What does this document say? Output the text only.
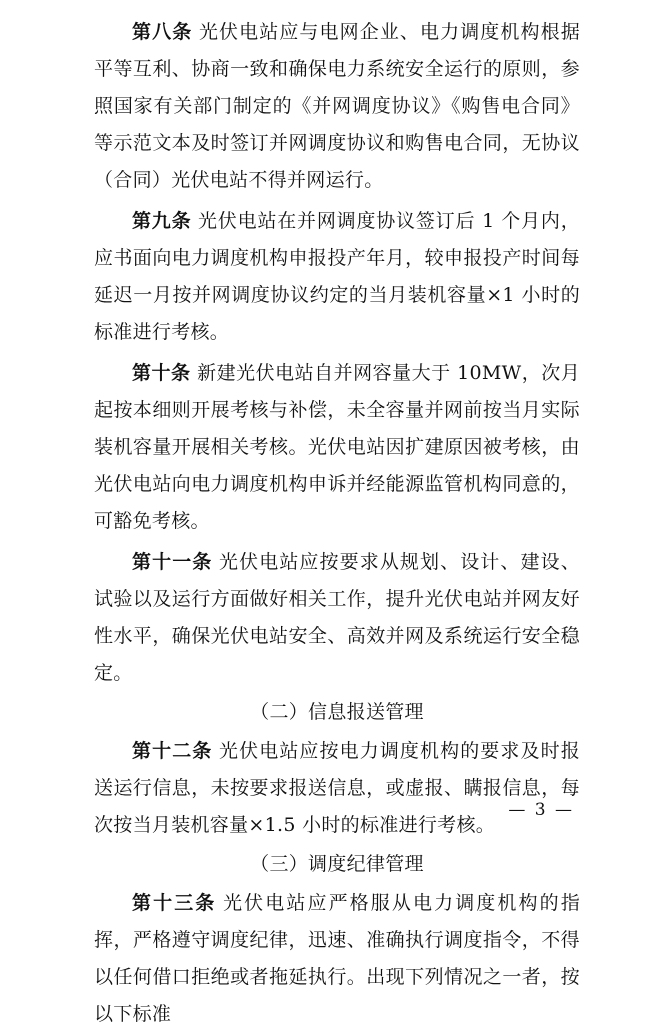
第八条 光伏电站应与电网企业、电力调度机构根据平等互利、协商一致和确保电力系统安全运行的原则，参照国家有关部门制定的《并网调度协议》《购售电合同》等示范文本及时签订并网调度协议和购售电合同，无协议（合同）光伏电站不得并网运行。

第九条 光伏电站在并网调度协议签订后 1 个月内，应书面向电力调度机构申报投产年月，较申报投产时间每延迟一月按并网调度协议约定的当月装机容量×1 小时的标准进行考核。

第十条 新建光伏电站自并网容量大于 10MW，次月起按本细则开展考核与补偿，未全容量并网前按当月实际装机容量开展相关考核。光伏电站因扩建原因被考核，由光伏电站向电力调度机构申诉并经能源监管机构同意的，可豁免考核。

第十一条 光伏电站应按要求从规划、设计、建设、试验以及运行方面做好相关工作，提升光伏电站并网友好性水平，确保光伏电站安全、高效并网及系统运行安全稳定。

（二）信息报送管理

第十二条 光伏电站应按电力调度机构的要求及时报送运行信息，未按要求报送信息，或虚报、瞒报信息，每次按当月装机容量×1.5 小时的标准进行考核。

（三）调度纪律管理

第十三条 光伏电站应严格服从电力调度机构的指挥，严格遵守调度纪律，迅速、准确执行调度指令，不得以任何借口拒绝或者拖延执行。出现下列情况之一者，按以下标准

— 3 —
